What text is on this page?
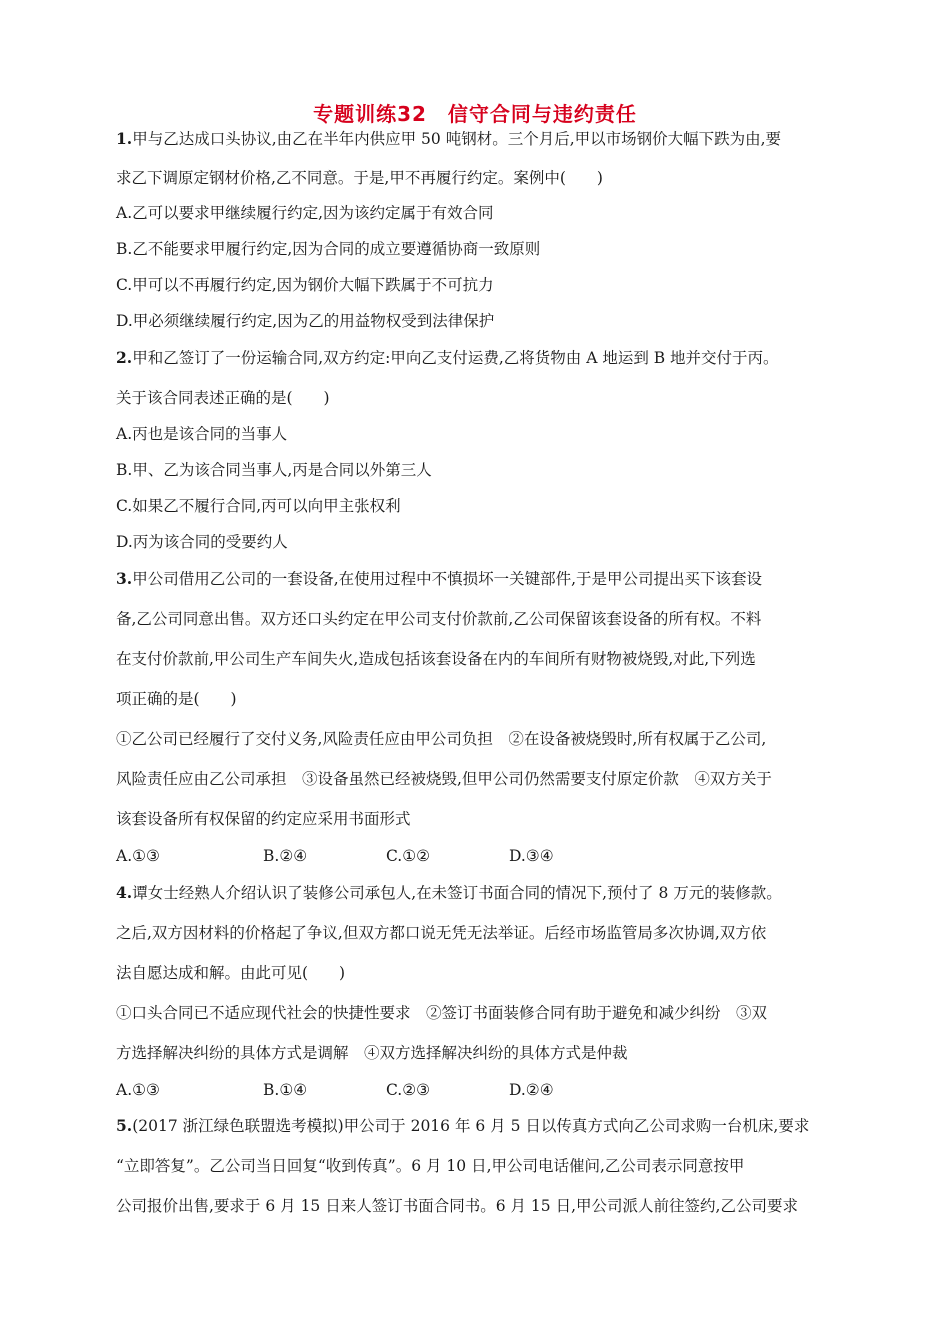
专题训练32　信守合同与违约责任
1.甲与乙达成口头协议,由乙在半年内供应甲 50 吨钢材。三个月后,甲以市场钢价大幅下跌为由,要
求乙下调原定钢材价格,乙不同意。于是,甲不再履行约定。案例中(　　)
A.乙可以要求甲继续履行约定,因为该约定属于有效合同
B.乙不能要求甲履行约定,因为合同的成立要遵循协商一致原则
C.甲可以不再履行约定,因为钢价大幅下跌属于不可抗力
D.甲必须继续履行约定,因为乙的用益物权受到法律保护
2.甲和乙签订了一份运输合同,双方约定:甲向乙支付运费,乙将货物由 A 地运到 B 地并交付于丙。
关于该合同表述正确的是(　　)
A.丙也是该合同的当事人
B.甲、乙为该合同当事人,丙是合同以外第三人
C.如果乙不履行合同,丙可以向甲主张权利
D.丙为该合同的受要约人
3.甲公司借用乙公司的一套设备,在使用过程中不慎损坏一关键部件,于是甲公司提出买下该套设
备,乙公司同意出售。双方还口头约定在甲公司支付价款前,乙公司保留该套设备的所有权。不料
在支付价款前,甲公司生产车间失火,造成包括该套设备在内的车间所有财物被烧毁,对此,下列选
项正确的是(　　)
①乙公司已经履行了交付义务,风险责任应由甲公司负担　②在设备被烧毁时,所有权属于乙公司,
风险责任应由乙公司承担　③设备虽然已经被烧毁,但甲公司仍然需要支付原定价款　④双方关于
该套设备所有权保留的约定应采用书面形式
A.①③	B.②④	C.①②	D.③④
4.谭女士经熟人介绍认识了装修公司承包人,在未签订书面合同的情况下,预付了 8 万元的装修款。
之后,双方因材料的价格起了争议,但双方都口说无凭无法举证。后经市场监管局多次协调,双方依
法自愿达成和解。由此可见(　　)
①口头合同已不适应现代社会的快捷性要求　②签订书面装修合同有助于避免和减少纠纷　③双
方选择解决纠纷的具体方式是调解　④双方选择解决纠纷的具体方式是仲裁
A.①③	B.①④	C.②③	D.②④
5.(2017 浙江绿色联盟选考模拟)甲公司于 2016 年 6 月 5 日以传真方式向乙公司求购一台机床,要求
“立即答复”。乙公司当日回复“收到传真”。6 月 10 日,甲公司电话催问,乙公司表示同意按甲
公司报价出售,要求于 6 月 15 日来人签订书面合同书。6 月 15 日,甲公司派人前往签约,乙公司要求
